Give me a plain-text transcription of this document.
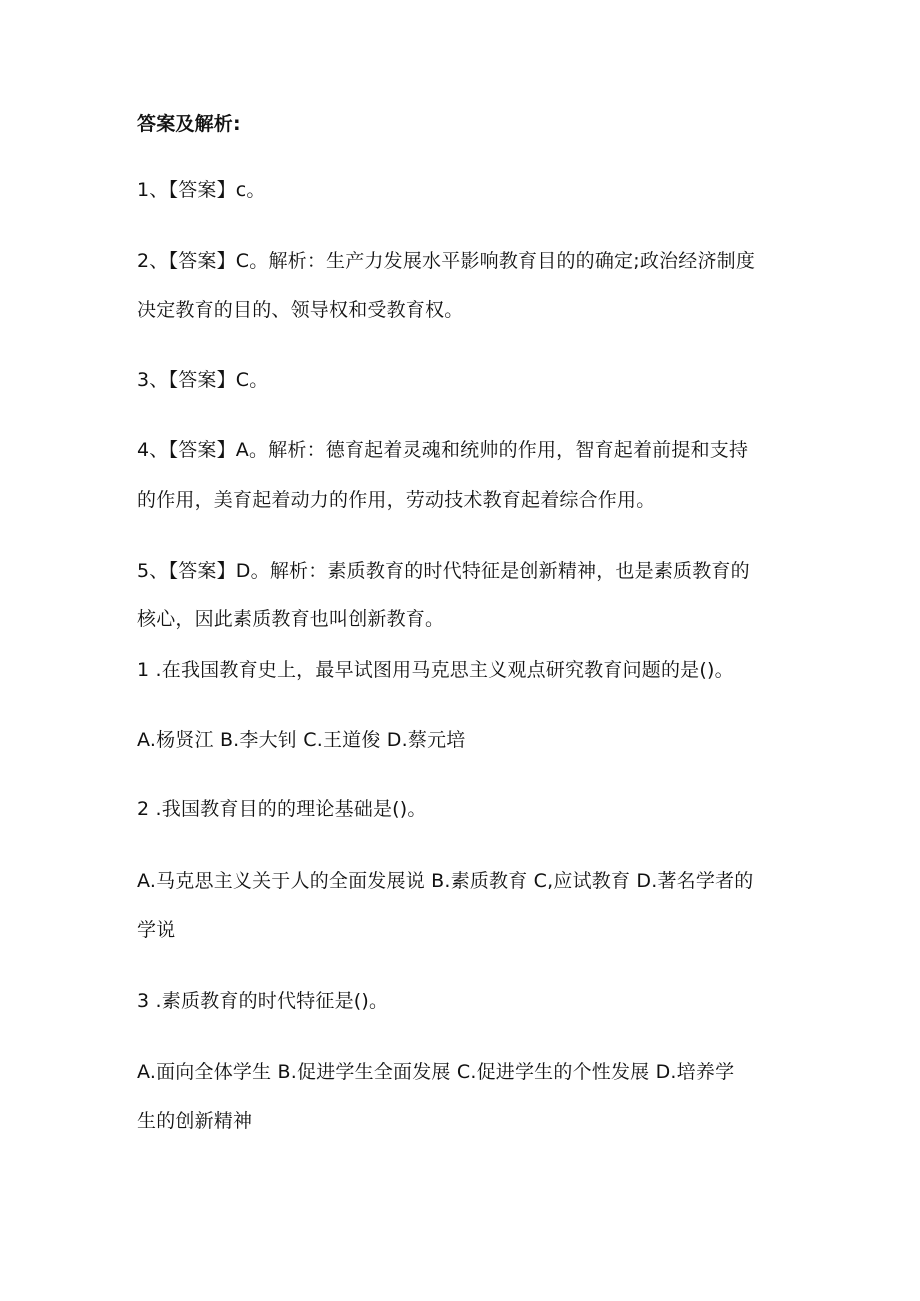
答案及解析:
1、【答案】c。
2、【答案】C。解析：生产力发展水平影响教育目的的确定;政治经济制度
决定教育的目的、领导权和受教育权。
3、【答案】C。
4、【答案】A。解析：德育起着灵魂和统帅的作用，智育起着前提和支持
的作用，美育起着动力的作用，劳动技术教育起着综合作用。
5、【答案】D。解析：素质教育的时代特征是创新精神，也是素质教育的
核心，因此素质教育也叫创新教育。
1 .在我国教育史上，最早试图用马克思主义观点研究教育问题的是()。
A.杨贤江 B.李大钊 C.王道俊 D.蔡元培
2 .我国教育目的的理论基础是()。
A.马克思主义关于人的全面发展说 B.素质教育 C,应试教育 D.著名学者的
学说
3 .素质教育的时代特征是()。
A.面向全体学生 B.促进学生全面发展 C.促进学生的个性发展 D.培养学
生的创新精神
